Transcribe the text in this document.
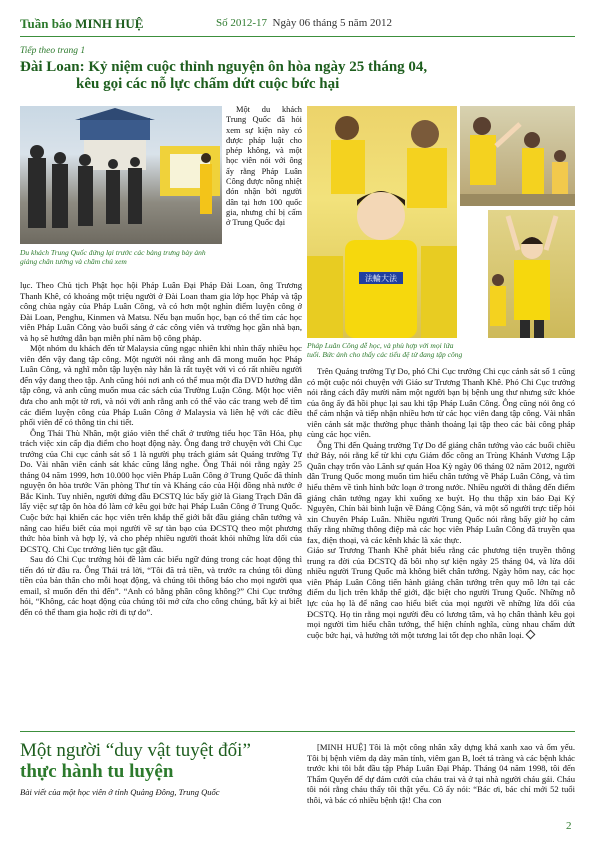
Tuần báo MINH HUỆ	Số 2012-17 Ngày 06 tháng 5 năm 2012
Tiếp theo trang 1
Đài Loan: Kỷ niệm cuộc thỉnh nguyện ôn hòa ngày 25 tháng 04,
kêu gọi các nỗ lực chấm dứt cuộc bức hại
Du khách Trung Quốc đứng lại trước các bảng trưng bày ảnh giảng chân tướng và chăm chú xem

Một du khách Trung Quốc đã hỏi xem sự kiện này có được pháp luật cho phép không, và một học viên nói với ông ấy rằng Pháp Luân Công được nồng nhiệt đón nhận bởi người dân tại hơn 100 quốc gia, nhưng chỉ bị cấm ở Trung Quốc đại

lục. Theo Chủ tịch Phật học hội Pháp Luân Đại Pháp Đài Loan, ông Trương Thanh Khê, có khoảng một triệu người ở Đài Loan tham gia lớp học Pháp và tập công chùa ngày của Pháp Luân Công, và có hơn một nghìn điểm luyện công ở Đài Loan, Penghu, Kinmen và Matsu. Nếu bạn muốn học, bạn có thể tìm các học viên Pháp Luân Công vào buổi sáng ở các công viên và trường học gần nhà bạn, và họ sẽ hướng dẫn bạn miễn phí năm bộ công pháp.

Một nhóm du khách đến từ Malaysia cũng ngạc nhiên khi nhìn thấy nhiều học viên đến vậy đang tập công. Một người nói rằng anh đã mong muốn học Pháp Luân Công, và nghĩ mỗn tập luyện này hẳn là rất tuyệt với vì có rất nhiều người đến vậy đang theo tập. Anh cũng hỏi nơi anh có thể mua một đĩa DVD hướng dẫn tập công, và anh cũng muốn mua các sách của Trường Luận Công. Một học viên đưa cho anh một tờ rơi, và nói với anh rằng anh có thể vào các trang web để tìm các điểm luyện công của Pháp Luân Công ở Malaysia và liên hệ với các điều phối viên để có thông tin chi tiết.

Ông Thái Thù Nhân, một giáo viên thể chất ở trường tiểu học Tân Hóa, phụ trách việc xin cấp địa điểm cho hoạt động này. Ông đang trở chuyện với Chi Cục trưởng của Chi cục cảnh sát số 1 là người phụ trách giám sát Quảng trường Tự Do. Vài nhân viên cảnh sát khác cũng lắng nghe. Ông Thái nói rằng ngày 25 tháng 04 năm 1999, hơn 10.000 học viên Pháp Luân Công ở Trung Quốc đã thỉnh nguyện ôn hòa trước Văn phòng Thư tín và Kháng cáo của Hội đồng nhà nước ở Bắc Kinh. Tuy nhiên, người đứng đầu ĐCSTQ lúc bấy giờ là Giang Trạch Dân đã lấy việc sự tập ôn hòa đó làm cớ kêu gọi bức hại Pháp Luân Công ở Trung Quốc. Cuộc bức hại khiến các học viên trên khắp thế giới bắt đầu giảng chân tướng và nâng cao hiểu biết của mọi người về sự tàn bạo của ĐCSTQ theo một phương thức hòa bình và hợp lý, và cho phép nhiều người thoát khỏi những lừa dối của ĐCSTQ. Chi Cục trưởng liên tục gật đầu.

Sau đó Chi Cục trưởng hỏi đề làm các biểu ngữ đúng trong các hoạt động thì tiến đó từ đâu ra. Ông Thái trả lời, “Tôi đã trả tiền, và trước ra chúng tôi dùng tiền của bản thân cho mỗi hoạt động, và chúng tôi thông báo cho mọi người qua email, sĩ muốn đến thì đến”. “Anh có bằng phân công không?” Chi Cục trưởng hỏi, “Không, các hoạt động của chúng tôi mở cửa cho công chúng, bất kỳ ai biết đến có thể tham gia hoặc rời đi tự do”.

法輪大法
Pháp Luân Công dễ học, và phù hợp với mọi lứa tuổi. Bức ảnh cho thấy các tiểu đệ tử đang tập công

Trên Quảng trường Tự Do, phó Chi Cục trưởng Chi cục cảnh sát số 1 cũng có một cuộc nói chuyện với Giáo sư Trương Thanh Khê. Phó Chi Cục trưởng nói rằng cách đây mười năm một người bạn bị bệnh ung thư nhưng sức khỏe của ông ấy đã hồi phục lại sau khi tập Pháp Luân Công. Ông cũng nói ông có thể cảm nhận và tiếp nhận nhiều hơn từ các học viên đang tập công. Vài nhân viên cảnh sát mặc thường phục thành thoảng lại tập theo các bài công pháp cùng các học viên.

Ông Thi đến Quảng trường Tự Do để giảng chân tướng vào các buổi chiều thứ Bảy, nói rằng kể từ khi cựu Giám đốc công an Trùng Khánh Vương Lập Quân chạy trốn vào Lãnh sự quán Hoa Kỳ ngày 06 tháng 02 năm 2012, người dân Trung Quốc mong muốn tìm hiểu chân tướng về Pháp Luân Công, và tìm hiểu thêm về tình hình bức loạn ở trong nước. Nhiều người đi thẳng đến điểm giảng chân tướng ngay khi xuống xe buýt. Họ thu thập xin báo Đại Kỷ Nguyên, Chín bài bình luận về Đảng Cộng Sản, và một số người trực tiếp hỏi xin Chuyên Pháp Luân. Nhiều người Trung Quốc nói rằng bấy giờ họ cảm thấy rằng những thông điệp mà các học viên Pháp Luân Công đã truyền qua fax, điện thoại, và các kênh khác là xác thực.

Giáo sư Trương Thanh Khê phát biểu rằng các phương tiện truyền thông trung ra đời của ĐCSTQ đã bôi nhọ sự kiện ngày 25 tháng 04, và lừa dối nhiều người Trung Quốc mà không biết chân tướng. Ngày hôm nay, các học viên Pháp Luân Công tiến hành giảng chân tướng trên quy mô lớn tại các điểm du lịch trên khắp thế giới, đặc biệt cho người Trung Quốc. Những nỗ lực của họ là để nâng cao hiểu biết của mọi người về những lừa dối của ĐCSTQ. Họ tin rằng mọi người đều có lương tâm, và họ chân thành kêu gọi mọi người tìm hiểu chân tướng, thể hiện chính nghĩa, cùng nhau chấm dứt cuộc bức hại, và hướng tới một tương lai tốt đẹp cho nhân loại.

Một người “duy vật tuyệt đối”
thực hành tu luyện
Bài viết của một học viên ở tỉnh Quảng Đông, Trung Quốc

[MINH HUỆ] Tôi là một công nhân xây dựng khá xanh xao và ốm yếu. Tôi bị bệnh viêm dạ dày mãn tính, viêm gan B, loét tá tràng và các bệnh khác trước khi tôi bắt đầu tập Pháp Luân Đại Pháp. Tháng 04 năm 1998, tôi đến Thẩm Quyến để dự đám cưới của cháu trai và ở tại nhà người cháu gái. Cháu tôi nói rằng cháu thấy tôi thật yếu. Cô ấy nói: “Bác ơi, bác chỉ mới 52 tuổi thôi, và bác có nhiều bệnh tật! Cha con

2
